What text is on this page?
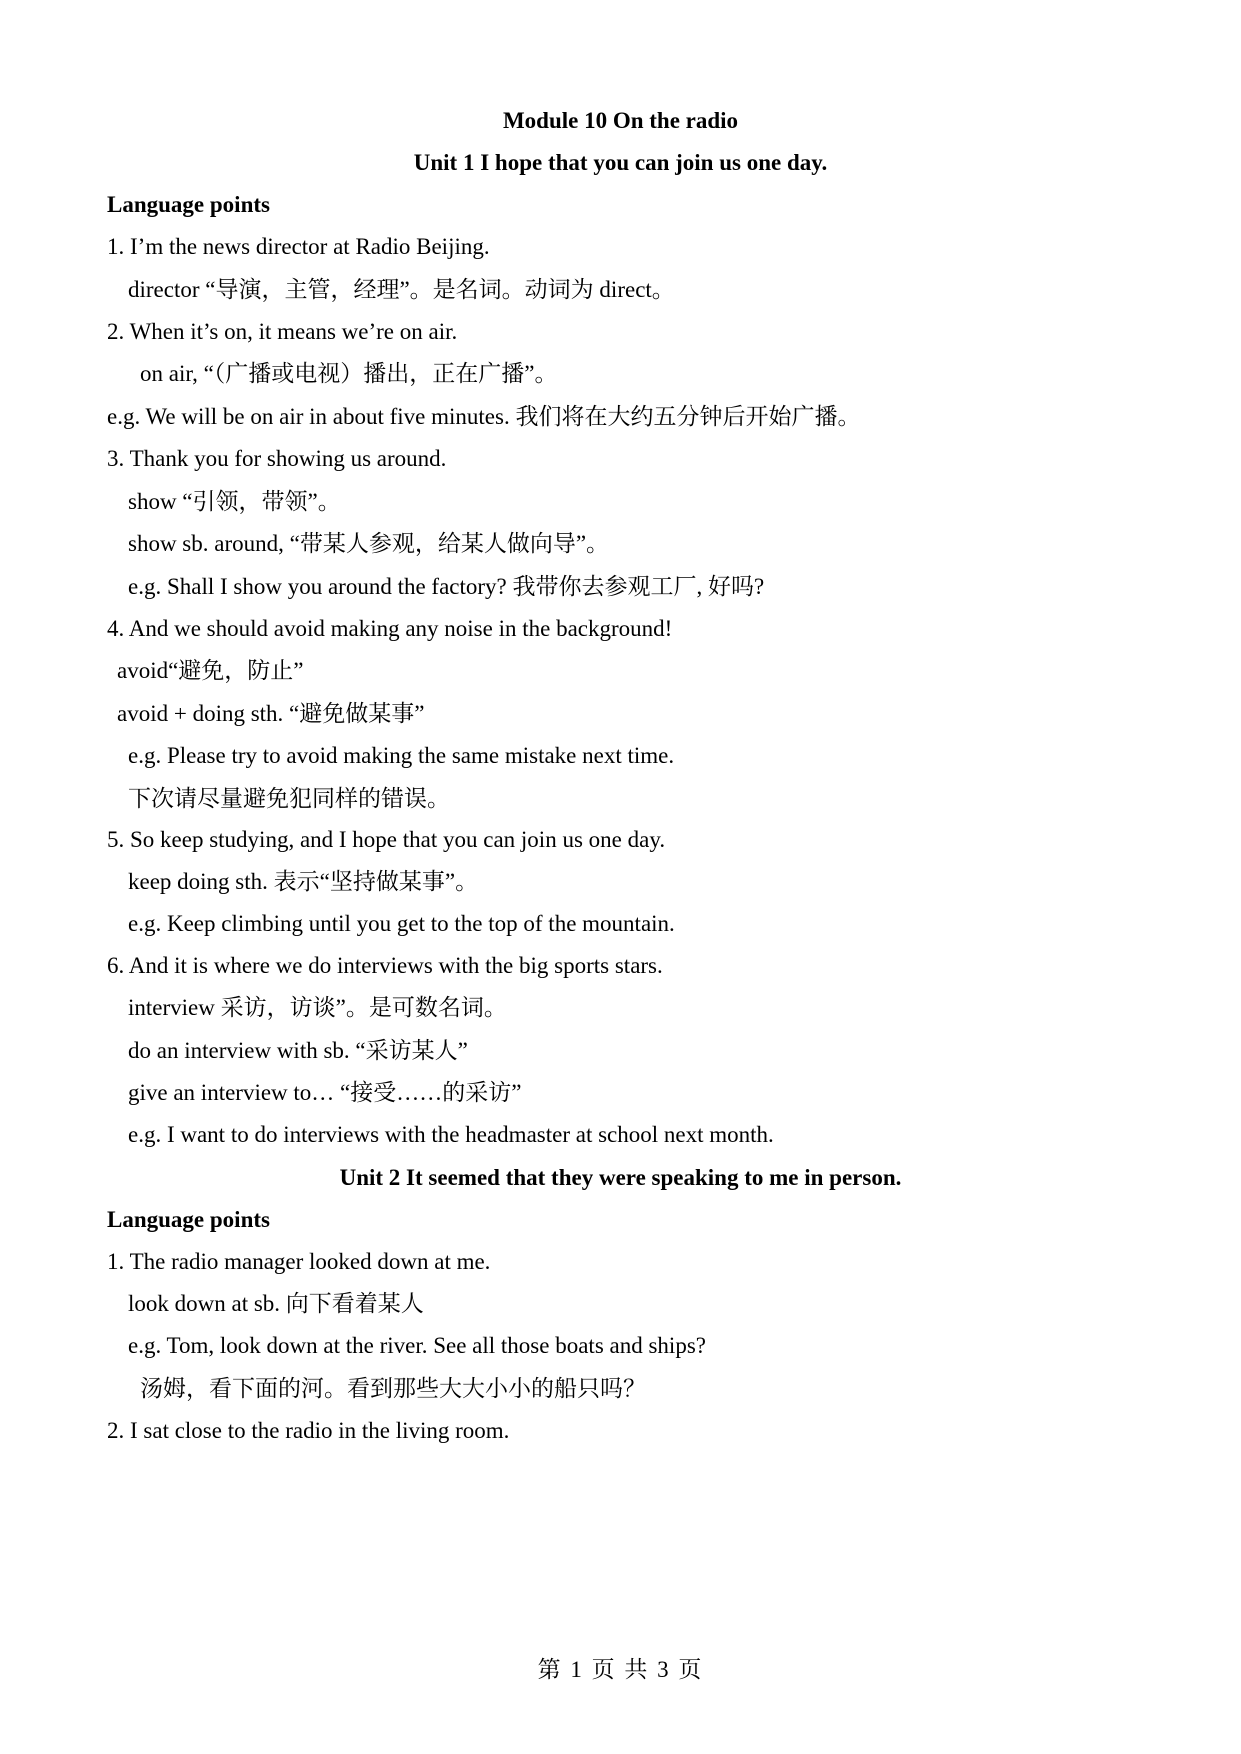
Module 10 On the radio
Unit 1 I hope that you can join us one day.
Language points
1. I’m the news director at Radio Beijing.
director “导演，主管，经理”。是名词。动词为 direct。
2. When it’s on, it means we’re on air.
on air, “（广播或电视）播出，正在广播”。
e.g. We will be on air in about five minutes. 我们将在大约五分钟后开始广播。
3. Thank you for showing us around.
show “引领，带领”。
show sb. around, “带某人参观，给某人做向导”。
e.g. Shall I show you around the factory? 我带你去参观工厂, 好吗?
4. And we should avoid making any noise in the background!
avoid“避免，防止”
avoid + doing sth. “避免做某事”
e.g. Please try to avoid making the same mistake next time.
下次请尽量避免犯同样的错误。
5. So keep studying, and I hope that you can join us one day.
keep doing sth. 表示“坚持做某事”。
e.g. Keep climbing until you get to the top of the mountain.
6. And it is where we do interviews with the big sports stars.
interview 采访，访谈”。是可数名词。
do an interview with sb. “采访某人”
give an interview to… “接受……的采访”
e.g. I want to do interviews with the headmaster at school next month.
Unit 2 It seemed that they were speaking to me in person.
Language points
1. The radio manager looked down at me.
look down at sb. 向下看着某人
e.g. Tom, look down at the river. See all those boats and ships?
汤姆，看下面的河。看到那些大大小小的船只吗？
2. I sat close to the radio in the living room.
第 1 页 共 3 页
